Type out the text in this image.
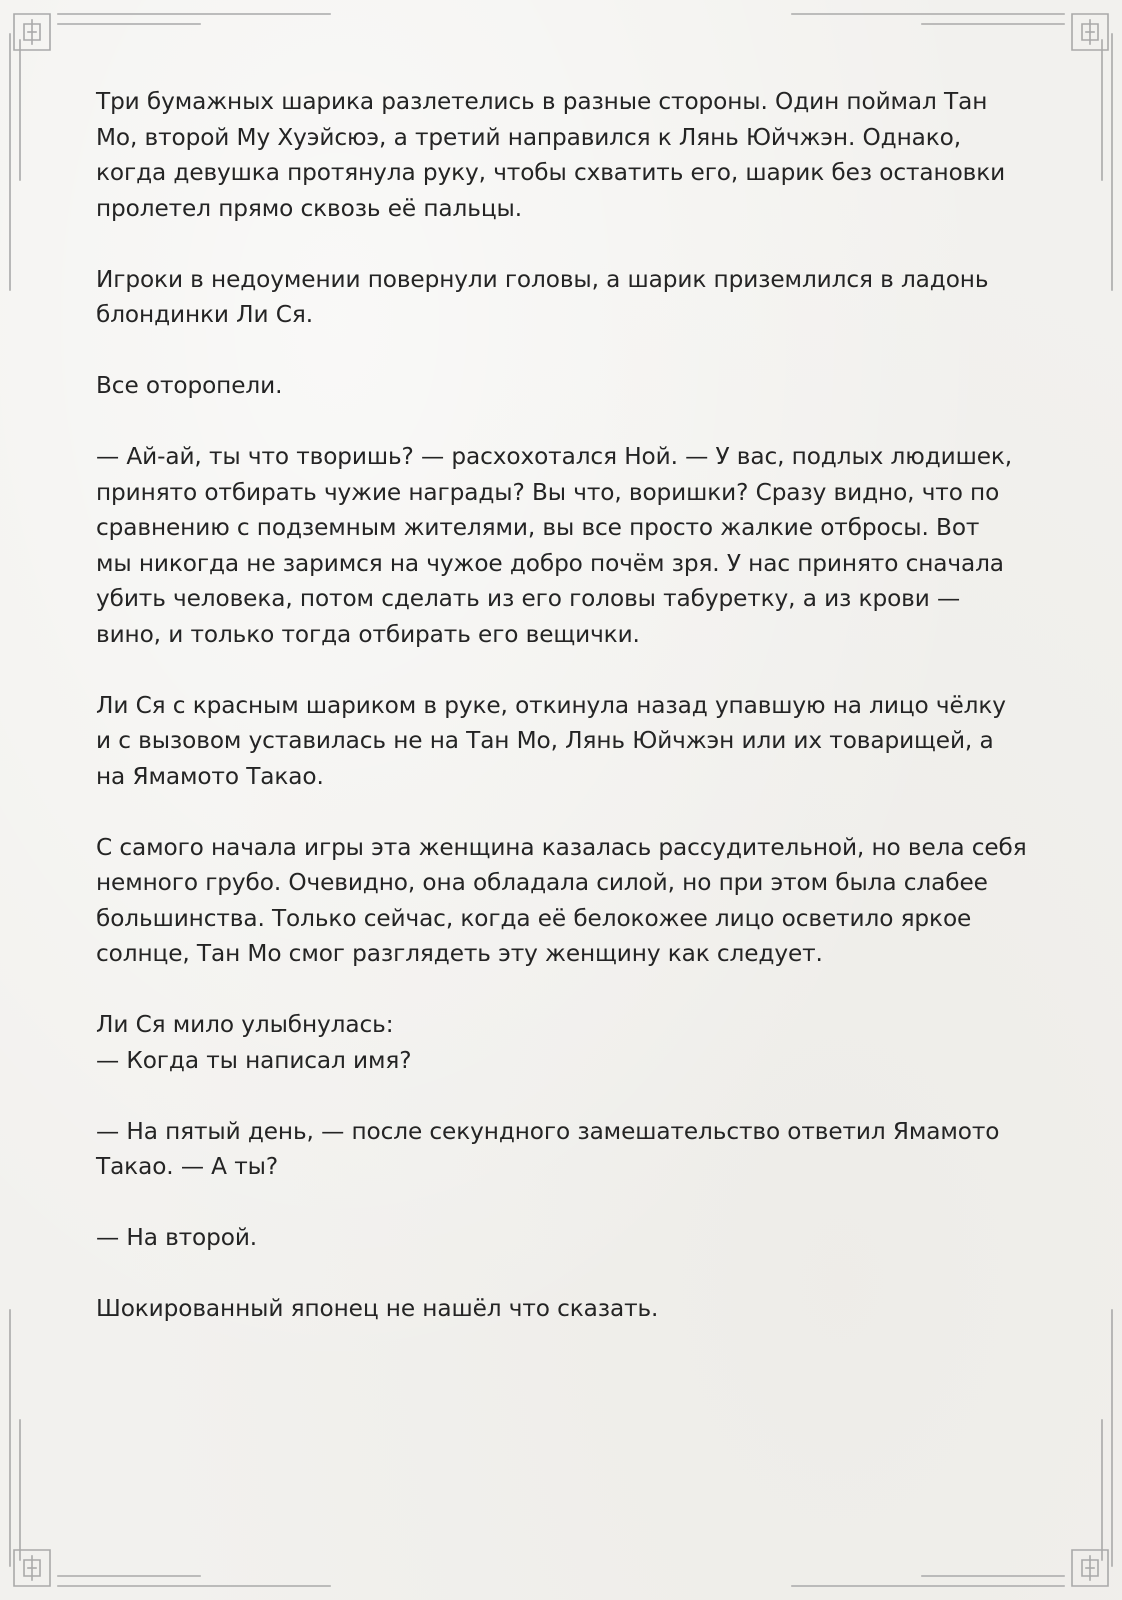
Три бумажных шарика разлетелись в разные стороны. Один поймал Тан
Мо, второй Му Хуэйсюэ, а третий направился к Лянь Юйчжэн. Однако,
когда девушка протянула руку, чтобы схватить его, шарик без остановки
пролетел прямо сквозь её пальцы.

Игроки в недоумении повернули головы, а шарик приземлился в ладонь
блондинки Ли Ся.

Все оторопели.

— Ай-ай, ты что творишь? — расхохотался Ной. — У вас, подлых людишек,
принято отбирать чужие награды? Вы что, воришки? Сразу видно, что по
сравнению с подземным жителями, вы все просто жалкие отбросы. Вот
мы никогда не заримся на чужое добро почём зря. У нас принято сначала
убить человека, потом сделать из его головы табуретку, а из крови —
вино, и только тогда отбирать его вещички.

Ли Ся с красным шариком в руке, откинула назад упавшую на лицо чёлку
и с вызовом уставилась не на Тан Мо, Лянь Юйчжэн или их товарищей, а
на Ямамото Такао.

С самого начала игры эта женщина казалась рассудительной, но вела себя
немного грубо. Очевидно, она обладала силой, но при этом была слабее
большинства. Только сейчас, когда её белокожее лицо осветило яркое
солнце, Тан Мо смог разглядеть эту женщину как следует.

Ли Ся мило улыбнулась:
— Когда ты написал имя?

— На пятый день, — после секундного замешательство ответил Ямамото
Такао. — А ты?

— На второй.

Шокированный японец не нашёл что сказать.
